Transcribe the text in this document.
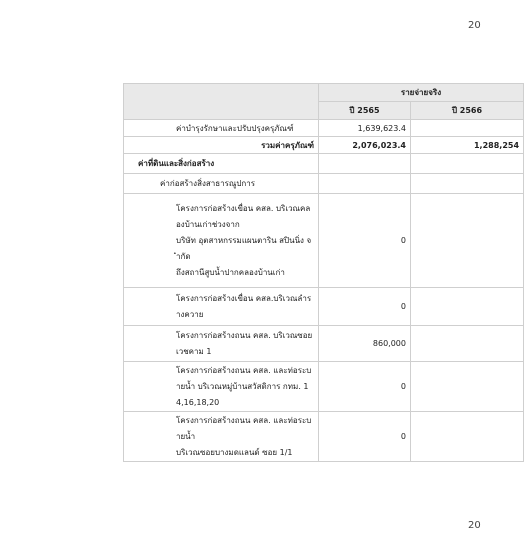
20
	รายจ่ายจริง	
	ปี 2565	ปี 2566
ค่าบำรุงรักษาและปรับปรุงครุภัณฑ์	1,639,623.4	
รวมค่าครุภัณฑ์	2,076,023.4	1,288,254
ค่าที่ดินและสิ่งก่อสร้าง		
ค่าก่อสร้างสิ่งสาธารณูปการ		

โครงการก่อสร้างเขื่อน คสล. บริเวณคลองบ้านเก่าช่วงจาก
บริษัท อุตสาหกรรมแผนตาริน สปินนิ่ง จำกัด
ถึงสถานีสูบน้ำปากคลองบ้านเก่า	0	

โครงการก่อสร้างเขื่อน คสล.บริเวณลำรางควาย	0	

โครงการก่อสร้างถนน คสล. บริเวณซอยเวชคาม 1	860,000	

โครงการก่อสร้างถนน คสล. และท่อระบายน้ำ บริเวณหมู่บ้านสวัสดิการ กทม. 14,16,18,20	0	

โครงการก่อสร้างถนน คสล. และท่อระบายน้ำ
บริเวณซอยบางมดแลนด์ ซอย 1/1	0	
20
